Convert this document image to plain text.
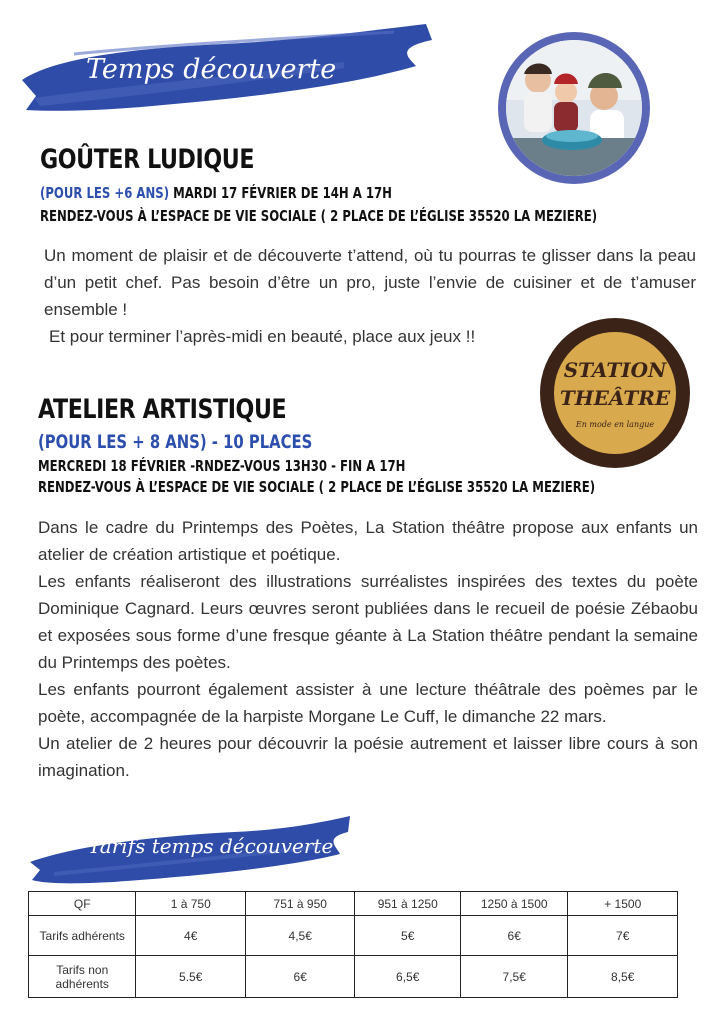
Temps découverte
GOÛTER LUDIQUE
(POUR LES +6 ANS) MARDI 17 FÉVRIER DE 14H A 17H
RENDEZ-VOUS À L’ESPACE DE VIE SOCIALE ( 2 PLACE DE L’ÉGLISE 35520 LA MEZIERE)

Un moment de plaisir et de découverte t’attend, où tu pourras te glisser dans la peau d’un petit chef. Pas besoin d’être un pro, juste l’envie de cuisiner et de t’amuser ensemble !

Et pour terminer l’après-midi en beauté, place aux jeux !!

STATION
THEÂTRE
En mode en langue
ATELIER ARTISTIQUE
(POUR LES + 8 ANS) - 10 PLACES
MERCREDI 18 FÉVRIER -RNDEZ-VOUS 13H30 - FIN A 17H
RENDEZ-VOUS À L’ESPACE DE VIE SOCIALE ( 2 PLACE DE L’ÉGLISE 35520 LA MEZIERE)

Dans le cadre du Printemps des Poètes, La Station théâtre propose aux enfants un atelier de création artistique et poétique.

Les enfants réaliseront des illustrations surréalistes inspirées des textes du poète Dominique Cagnard. Leurs œuvres seront publiées dans le recueil de poésie Zébaobu et exposées sous forme d’une fresque géante à La Station théâtre pendant la semaine du Printemps des poètes.

Les enfants pourront également assister à une lecture théâtrale des poèmes par le poète, accompagnée de la harpiste Morgane Le Cuff, le dimanche 22 mars.

Un atelier de 2 heures pour découvrir la poésie autrement et laisser libre cours à son imagination.

Tarifs temps découverte
QF	1 à 750	751 à 950	951 à 1250	1250 à 1500	+ 1500
Tarifs adhérents	4€	4,5€	5€	6€	7€
Tarifs non adhérents	5.5€	6€	6,5€	7,5€	8,5€
